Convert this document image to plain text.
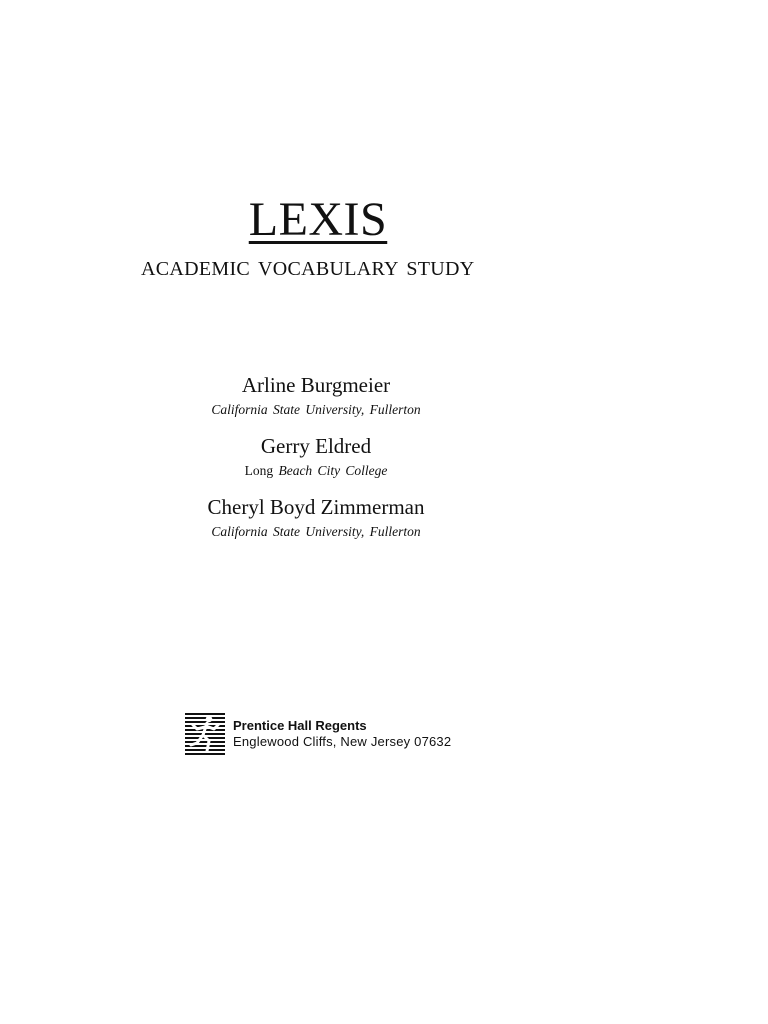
LEXIS
ACADEMIC VOCABULARY STUDY
Arline Burgmeier
California State University, Fullerton
Gerry Eldred
Long Beach City College
Cheryl Boyd Zimmerman
California State University, Fullerton
Prentice Hall Regents
Englewood Cliffs, New Jersey 07632
